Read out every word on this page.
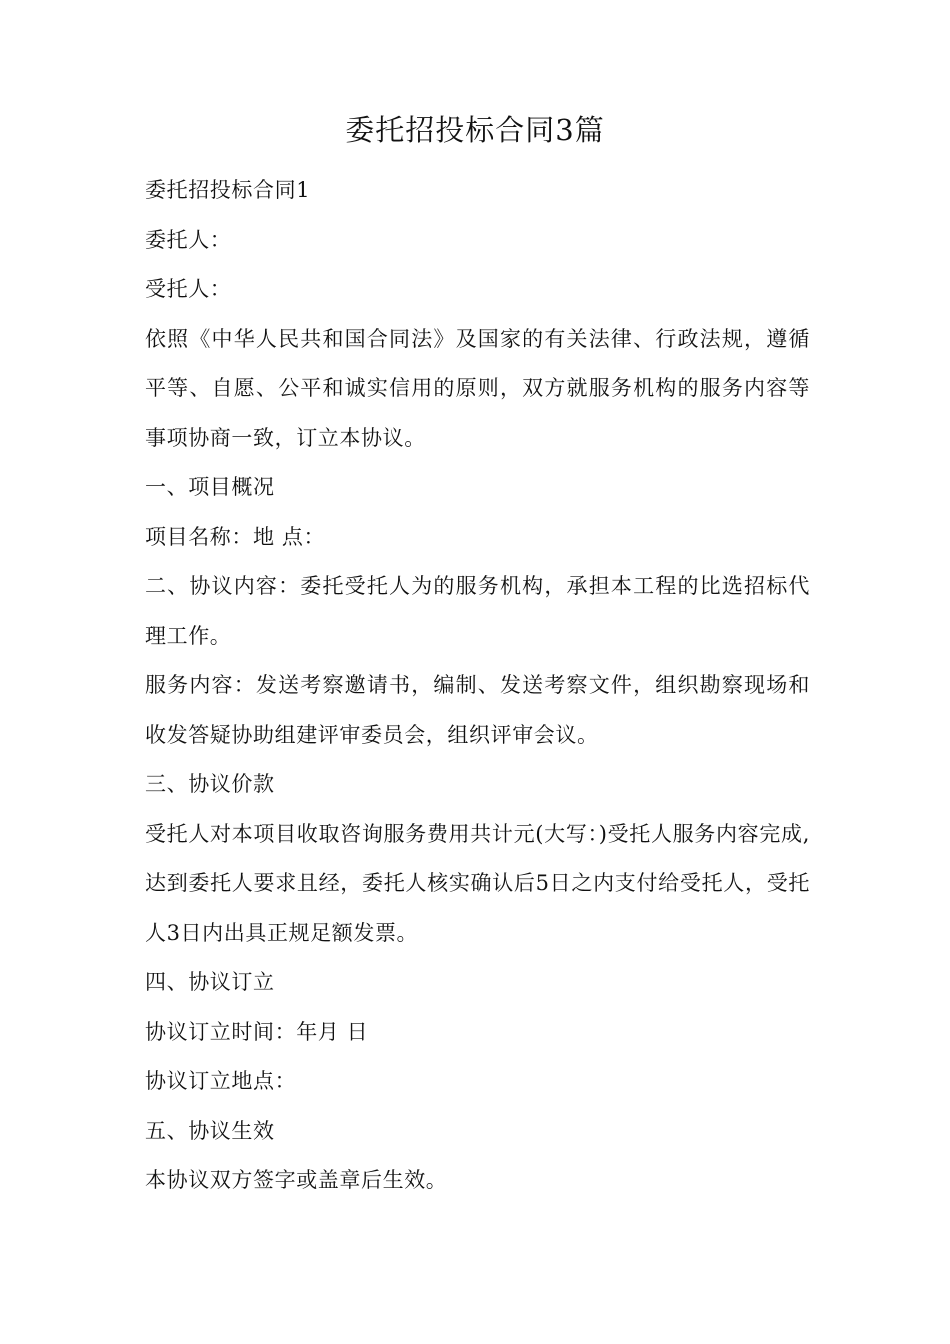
委托招投标合同3篇

委托招投标合同1

委托人：

受托人：

依照《中华人民共和国合同法》及国家的有关法律、行政法规，遵循平等、自愿、公平和诚实信用的原则，双方就服务机构的服务内容等事项协商一致，订立本协议。

一、项目概况

项目名称：地 点：

二、协议内容：委托受托人为的服务机构，承担本工程的比选招标代理工作。

服务内容：发送考察邀请书，编制、发送考察文件，组织勘察现场和收发答疑协助组建评审委员会，组织评审会议。

三、协议价款

受托人对本项目收取咨询服务费用共计元(大写：)受托人服务内容完成,达到委托人要求且经，委托人核实确认后5日之内支付给受托人，受托人3日内出具正规足额发票。

四、协议订立

协议订立时间：年月 日

协议订立地点：

五、协议生效

本协议双方签字或盖章后生效。
